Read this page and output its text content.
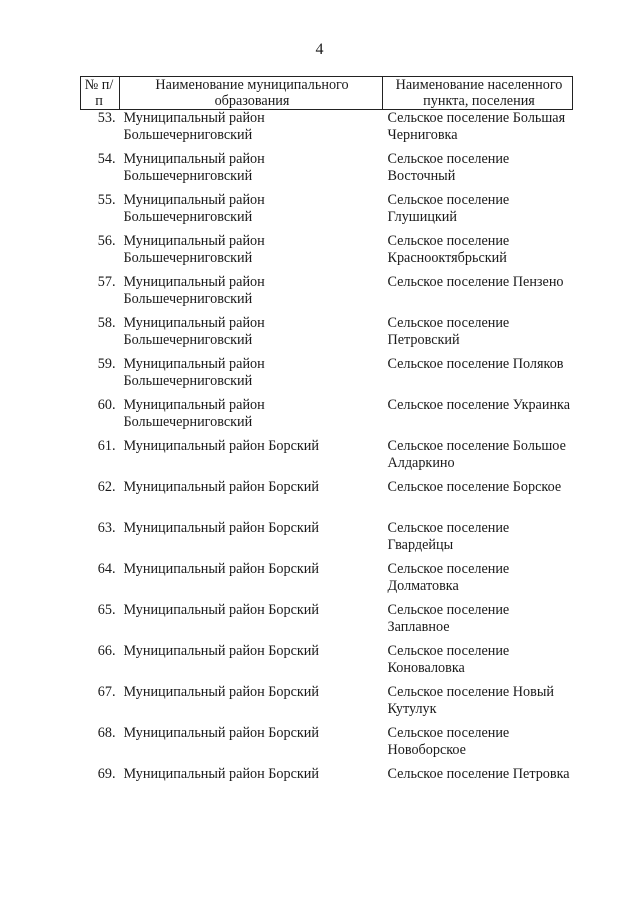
4
№ п/п	Наименование муниципального образования	Наименование населенного пункта, поселения
53.	Муниципальный район Большечерниговский	Сельское поселение Большая Черниговка
54.	Муниципальный район Большечерниговский	Сельское поселение Восточный
55.	Муниципальный район Большечерниговский	Сельское поселение Глушицкий
56.	Муниципальный район Большечерниговский	Сельское поселение Краснооктябрьский
57.	Муниципальный район Большечерниговский	Сельское поселение Пензено
58.	Муниципальный район Большечерниговский	Сельское поселение Петровский
59.	Муниципальный район Большечерниговский	Сельское поселение Поляков
60.	Муниципальный район Большечерниговский	Сельское поселение Украинка
61.	Муниципальный район Борский	Сельское поселение Большое Алдаркино
62.	Муниципальный район Борский	Сельское поселение Борское
63.	Муниципальный район Борский	Сельское поселение Гвардейцы
64.	Муниципальный район Борский	Сельское поселение Долматовка
65.	Муниципальный район Борский	Сельское поселение Заплавное
66.	Муниципальный район Борский	Сельское поселение Коноваловка
67.	Муниципальный район Борский	Сельское поселение Новый Кутулук
68.	Муниципальный район Борский	Сельское поселение Новоборское
69.	Муниципальный район Борский	Сельское поселение Петровка
